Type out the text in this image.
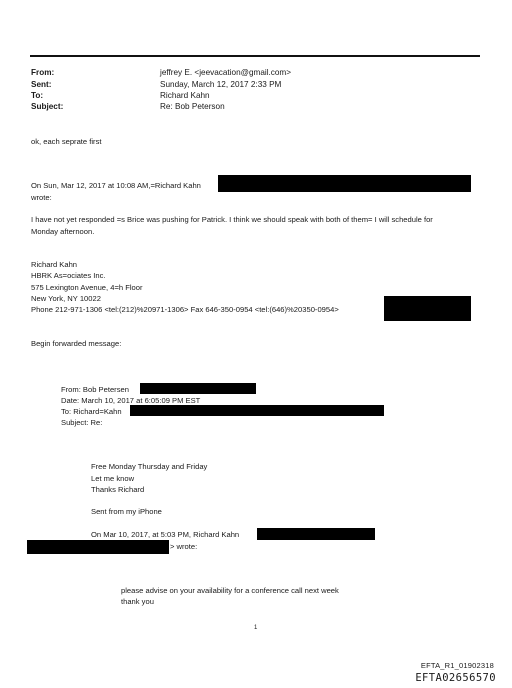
From:	jeffrey E. <jeevacation@gmail.com>
Sent:	Sunday, March 12, 2017 2:33 PM
To:	Richard Kahn
Subject:	Re: Bob Peterson
ok, each seprate first
On Sun, Mar 12, 2017 at 10:08 AM,=Richard Kahn
wrote:
I have not yet responded =s Brice was pushing for Patrick. I think we should speak with both of them= I will schedule for
Monday afternoon.
Richard Kahn
HBRK As=ociates Inc.
575 Lexington Avenue, 4=h Floor
New York, NY 10022
Phone 212-971-1306 <tel:(212)%20971-1306> Fax 646-350-0954 <tel:(646)%20350-0954>
Begin forwarded message:
From: Bob Petersen
Date: March 10, 2017 at 6:05:09 PM EST
To: Richard=Kahn
Subject: Re:
Free Monday Thursday and Friday
Let me know
Thanks Richard
Sent from my iPhone
On Mar 10, 2017, at 5:03 PM, Richard Kahn
> wrote:
please advise on your availability for a conference call next week
thank you
1
EFTA_R1_01902318
EFTA02656570
